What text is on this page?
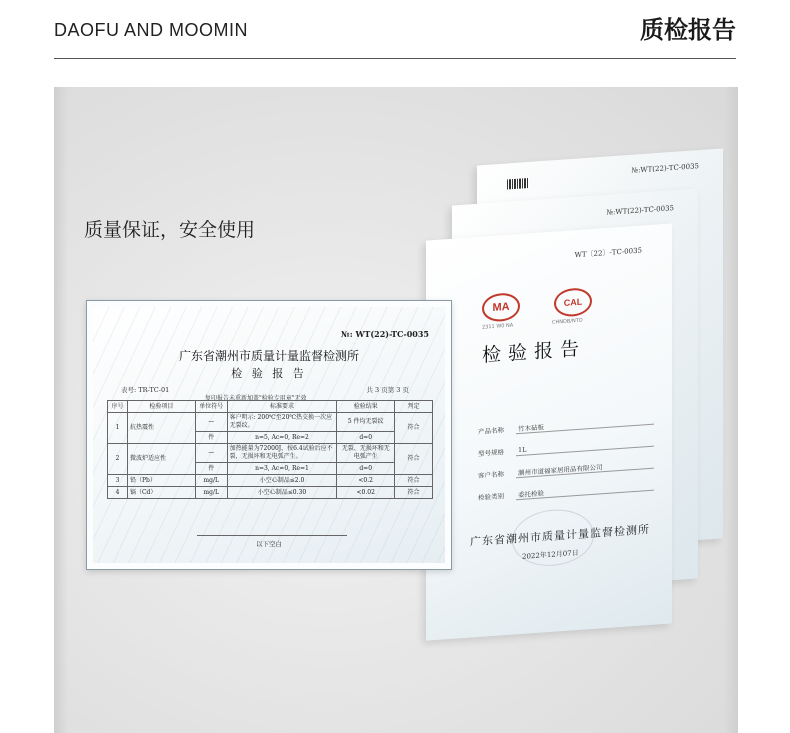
DAOFU AND MOOMIN	质检报告
质量保证，安全使用
№:WT(22)-TC-0035
№:WT(22)-TC-0035
WT〔22〕-TC-0035
MA
2311 W0 NA
CAL
CHNDB/NTO
检验报告
产品名称 竹木砧板
型号规格 1L
客户名称 潮州市道福家居用品有限公司
检验类别 委托检验
广东省潮州市质量计量监督检测所
2022年12月07日
№: WT(22)-TC-0035
广东省潮州市质量计量监督检测所
检 验 报 告
表号: TR-TC-01	共 3 页第 3 页
复印报告未重新加盖"检验专用章"无效
序号	检验项目	单位符号	标准要求	检验结果	判定
1	抗热震性	—	客户明示: 200℃至20℃热交换一次应无裂纹。	5 件均无裂纹	符合
		件	n=5, Ac=0, Re=2	d=0	
2	微波炉适应性	—	加热能量为72000J，按6.4试验后应不裂，无损坏和无电弧产生。	无裂、无损坏和无电弧产生	符合
		件	n=3, Ac=0, Re=1	d=0	
3	铅（Pb）	mg/L	小空心制品≤2.0	<0.2	符合
4	镉（Cd）	mg/L	小空心制品≤0.30	<0.02	符合
以下空白
